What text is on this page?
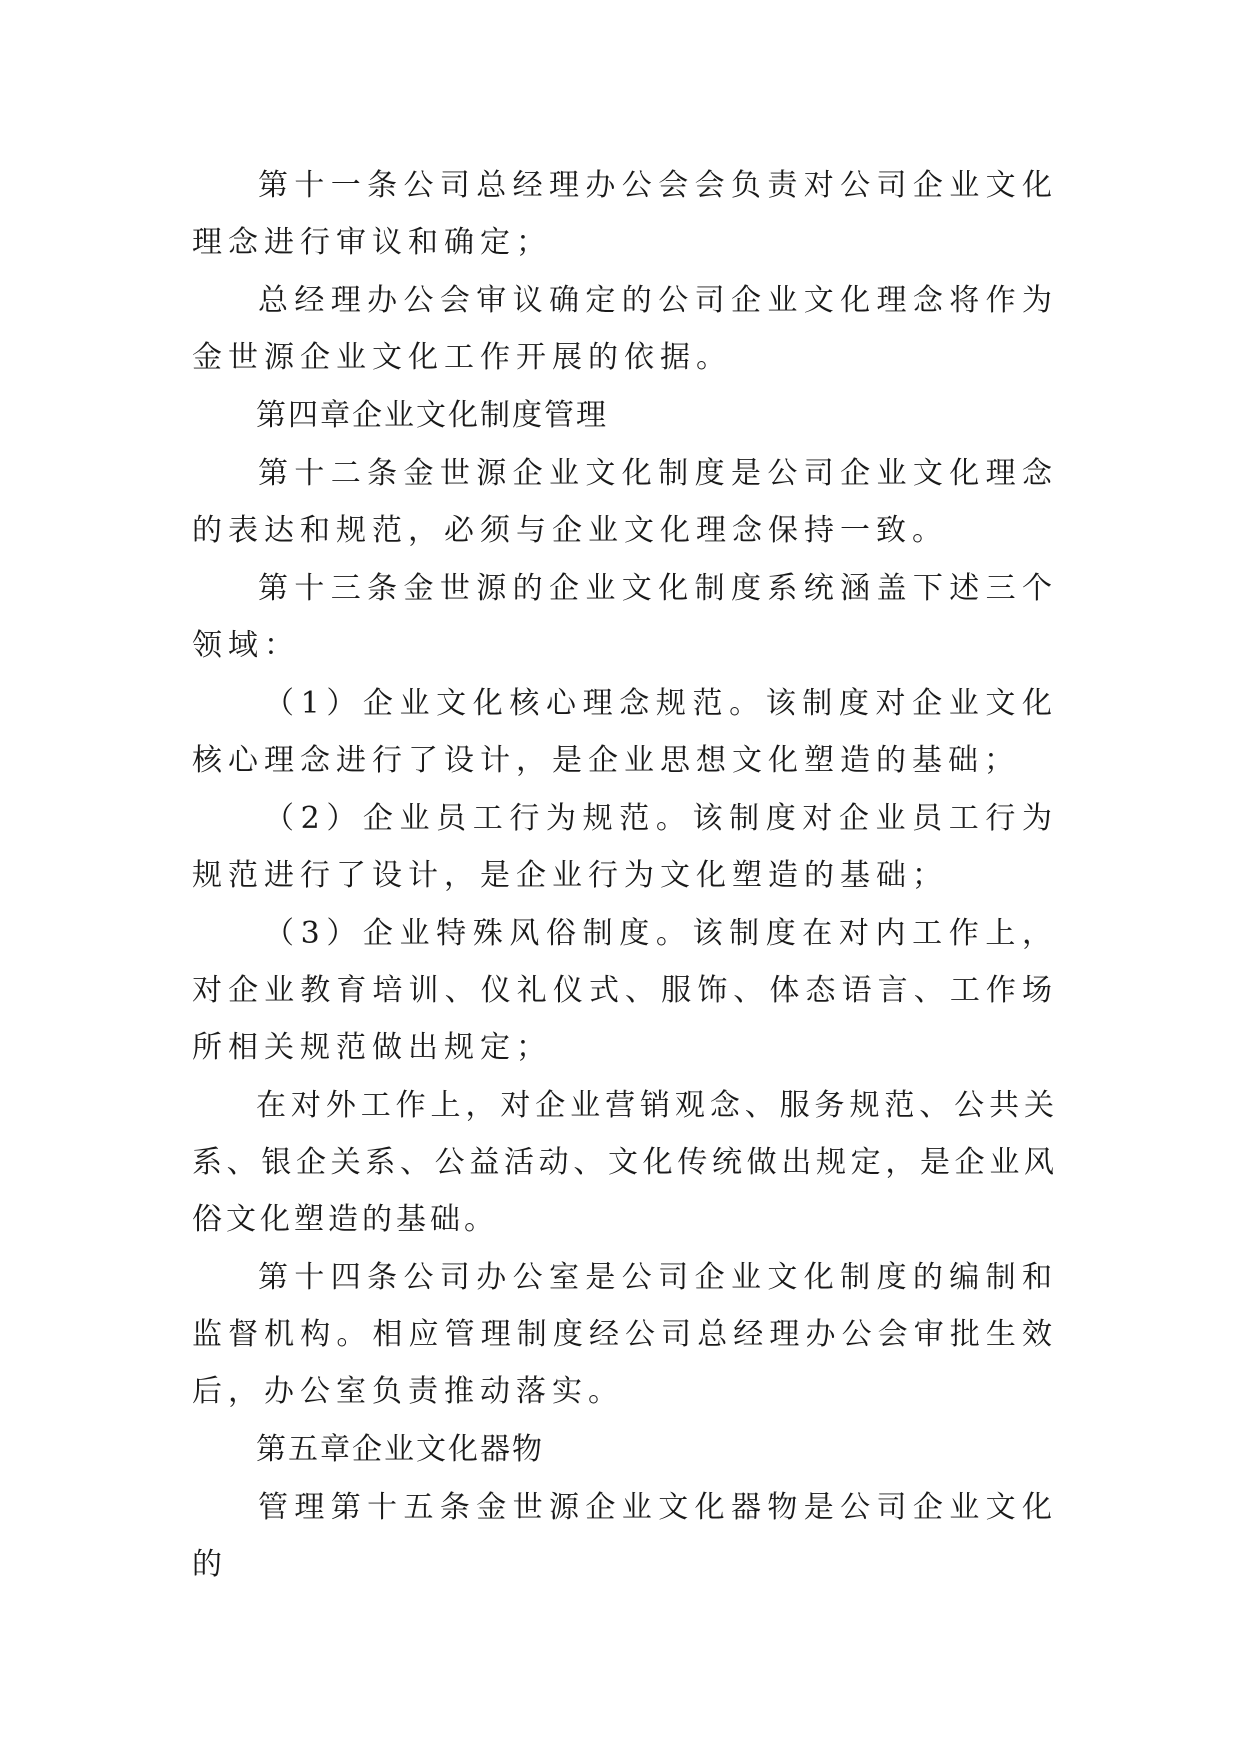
第十一条公司总经理办公会会负责对公司企业文化理念进行审议和确定；

总经理办公会审议确定的公司企业文化理念将作为金世源企业文化工作开展的依据。

第四章企业文化制度管理

第十二条金世源企业文化制度是公司企业文化理念的表达和规范，必须与企业文化理念保持一致。

第十三条金世源的企业文化制度系统涵盖下述三个领域：

（1）企业文化核心理念规范。该制度对企业文化核心理念进行了设计，是企业思想文化塑造的基础；

（2）企业员工行为规范。该制度对企业员工行为规范进行了设计，是企业行为文化塑造的基础；

（3）企业特殊风俗制度。该制度在对内工作上，对企业教育培训、仪礼仪式、服饰、体态语言、工作场所相关规范做出规定；

在对外工作上，对企业营销观念、服务规范、公共关系、银企关系、公益活动、文化传统做出规定，是企业风俗文化塑造的基础。

第十四条公司办公室是公司企业文化制度的编制和监督机构。相应管理制度经公司总经理办公会审批生效后，办公室负责推动落实。

第五章企业文化器物

管理第十五条金世源企业文化器物是公司企业文化的
